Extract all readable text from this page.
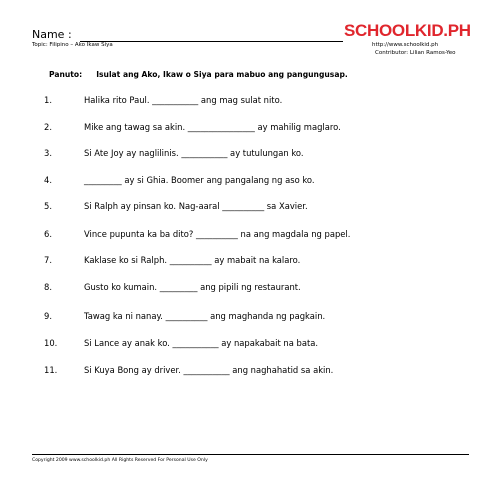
Name :
Topic: Filipino – Ako Ikaw Siya
SCHOOLKID.PH
http://www.schoolkid.ph
Contributor: Lilian Ramos-Yeo
Panuto: Isulat ang Ako, Ikaw o Siya para mabuo ang pangungusap.
1.	Halika rito Paul. ___________ ang mag sulat nito.
2.	Mike ang tawag sa akin. ________________ ay mahilig maglaro.
3.	Si Ate Joy ay naglilinis. ___________ ay tutulungan ko.
4.	_________ ay si Ghia. Boomer ang pangalang ng aso ko.
5.	Si Ralph ay pinsan ko. Nag-aaral __________ sa Xavier.
6.	Vince pupunta ka ba dito? __________ na ang magdala ng papel.
7.	Kaklase ko si Ralph. __________ ay mabait na kalaro.
8.	Gusto ko kumain. _________ ang pipili ng restaurant.
9.	Tawag ka ni nanay. __________ ang maghanda ng pagkain.
10.	Si Lance ay anak ko. ___________ ay napakabait na bata.
11.	Si Kuya Bong ay driver. ___________ ang naghahatid sa akin.
Copyright 2009 www.schoolkid.ph All Rights Reserved For Personal Use Only
